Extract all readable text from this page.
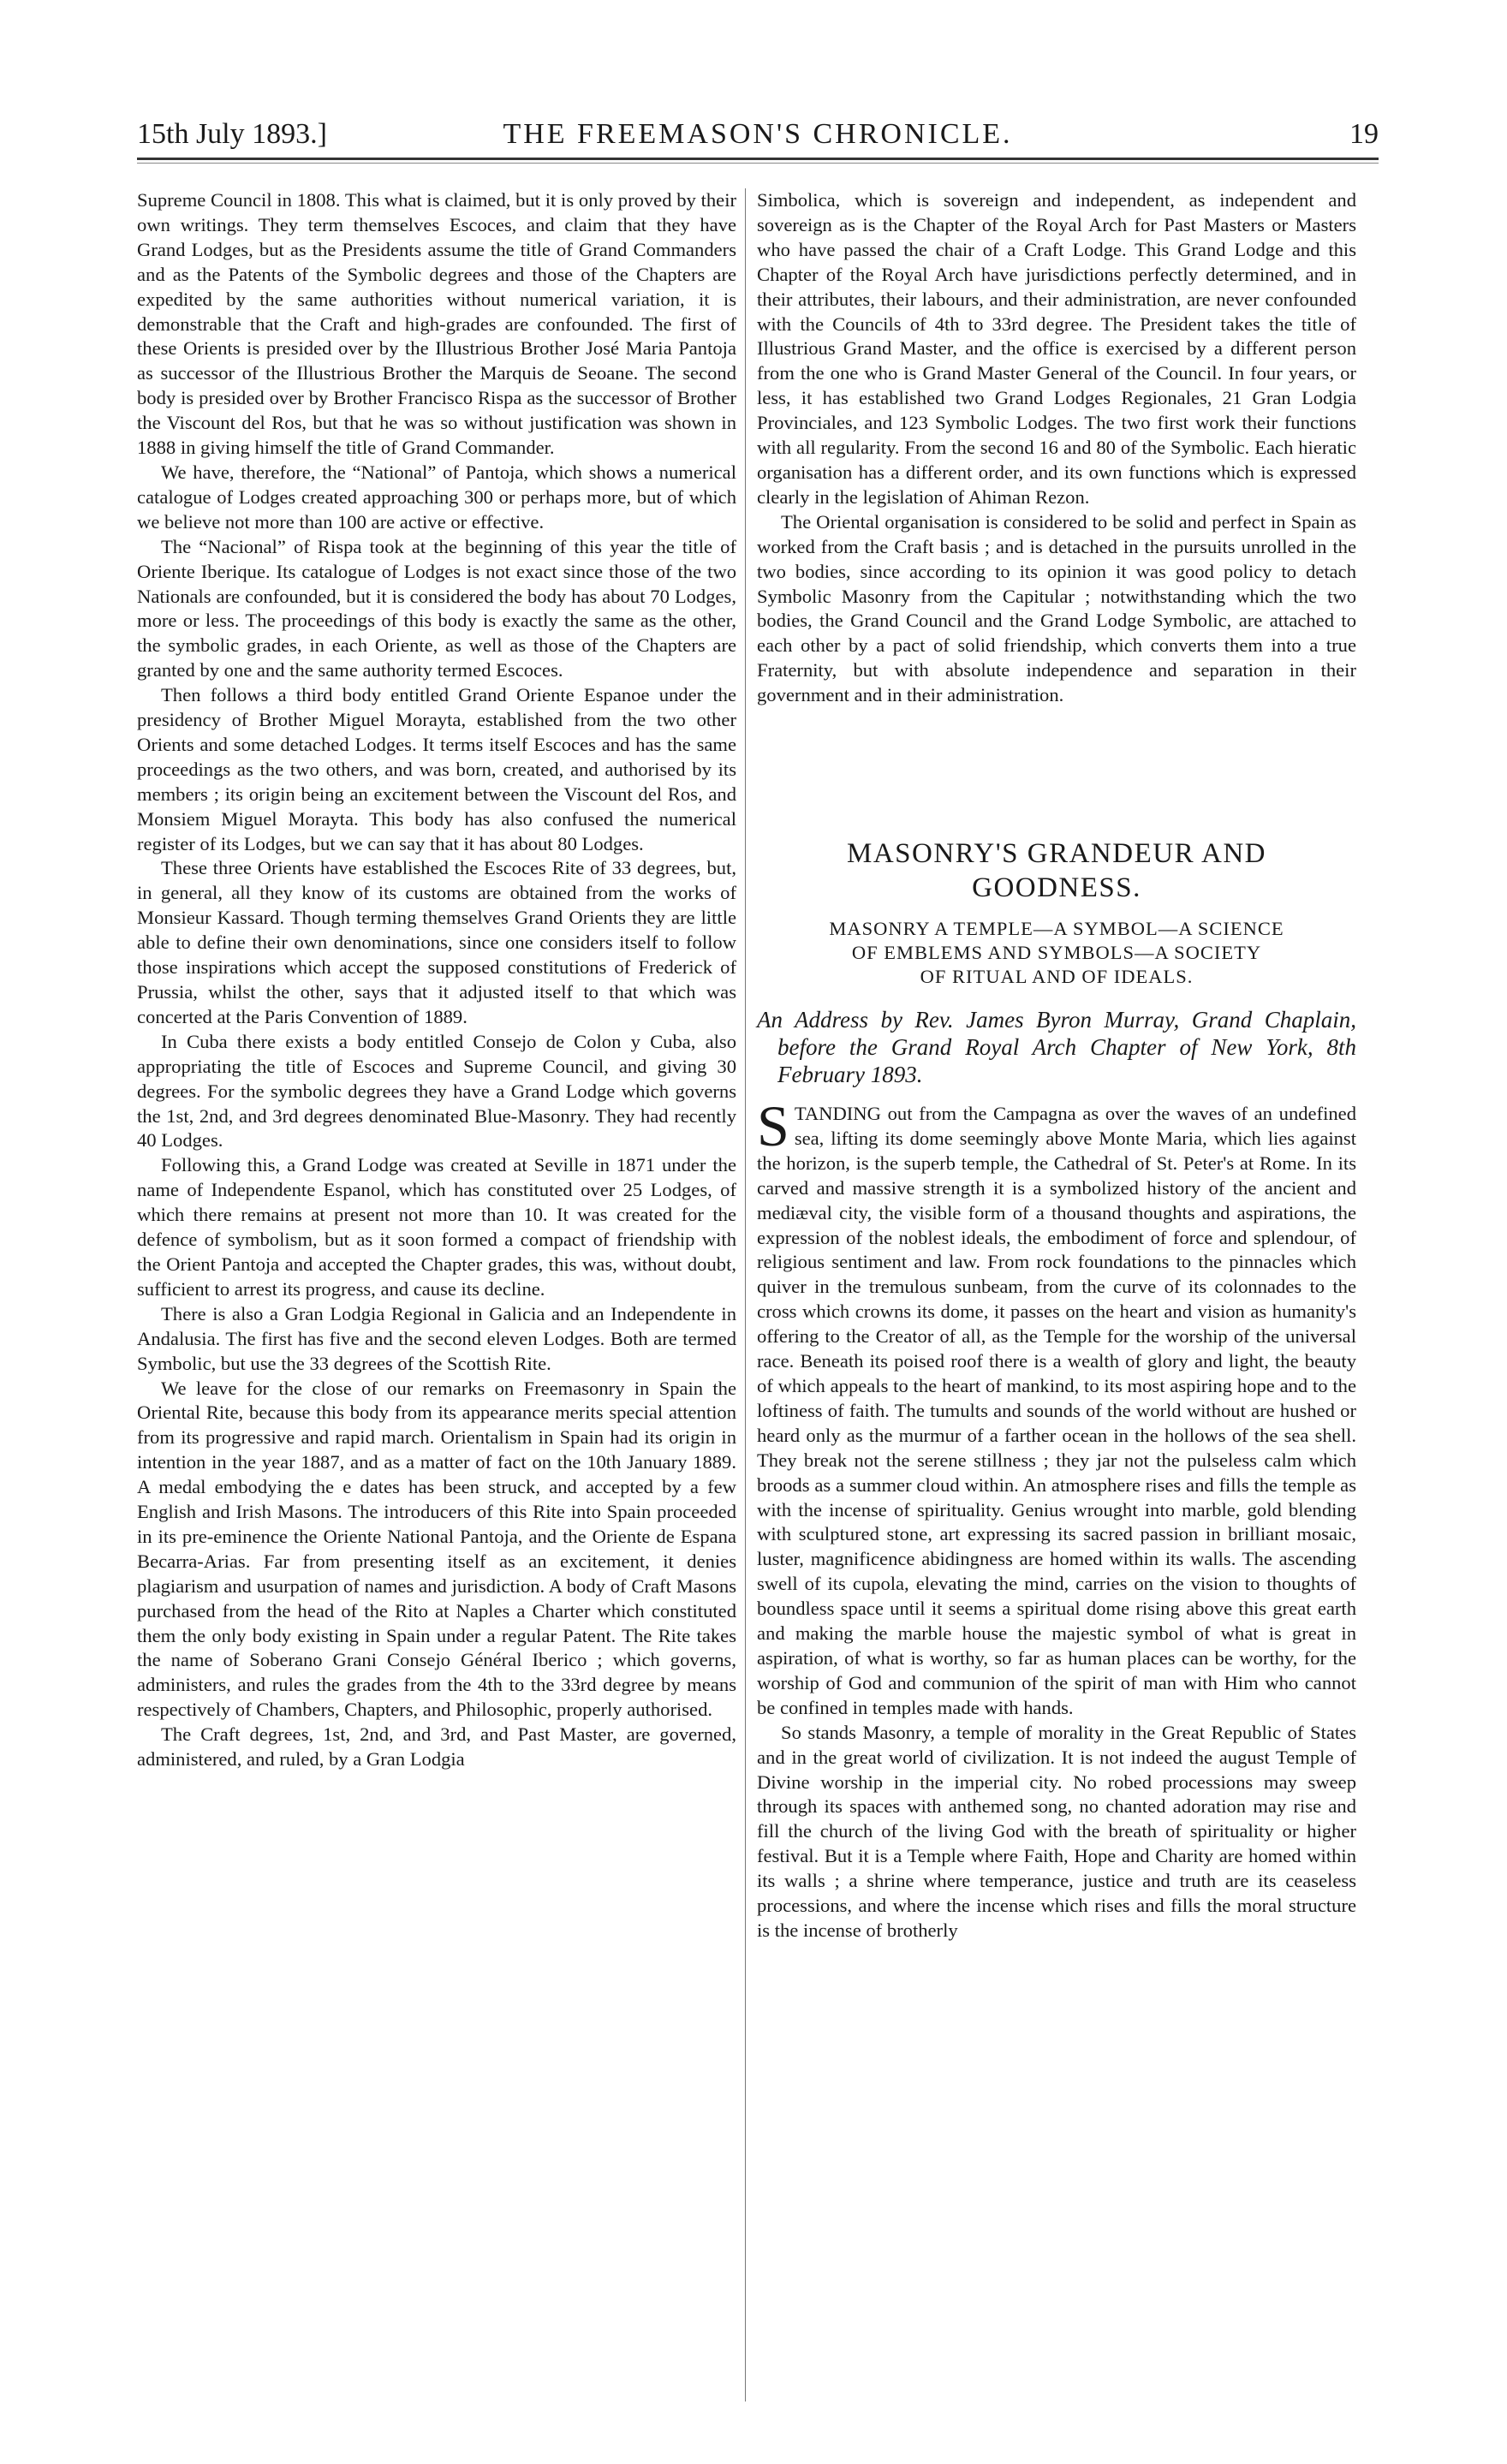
15th July 1893.]	THE FREEMASON'S CHRONICLE.	19

Supreme Council in 1808. This what is claimed, but it is only proved by their own writings. They term themselves Escoces, and claim that they have Grand Lodges, but as the Presidents assume the title of Grand Commanders and as the Patents of the Symbolic degrees and those of the Chapters are expedited by the same authorities without numerical variation, it is demonstrable that the Craft and high-grades are confounded. The first of these Orients is presided over by the Illustrious Brother José Maria Pantoja as successor of the Illustrious Brother the Marquis de Seoane. The second body is presided over by Brother Francisco Rispa as the successor of Brother the Viscount del Ros, but that he was so without justification was shown in 1888 in giving himself the title of Grand Commander.

We have, therefore, the “National” of Pantoja, which shows a numerical catalogue of Lodges created approaching 300 or perhaps more, but of which we believe not more than 100 are active or effective.

The “Nacional” of Rispa took at the beginning of this year the title of Oriente Iberique. Its catalogue of Lodges is not exact since those of the two Nationals are confounded, but it is considered the body has about 70 Lodges, more or less. The proceedings of this body is exactly the same as the other, the symbolic grades, in each Oriente, as well as those of the Chapters are granted by one and the same authority termed Escoces.

Then follows a third body entitled Grand Oriente Espanoe under the presidency of Brother Miguel Morayta, established from the two other Orients and some detached Lodges. It terms itself Escoces and has the same proceedings as the two others, and was born, created, and authorised by its members ; its origin being an excitement between the Viscount del Ros, and Monsiem Miguel Morayta. This body has also confused the numerical register of its Lodges, but we can say that it has about 80 Lodges.

These three Orients have established the Escoces Rite of 33 degrees, but, in general, all they know of its customs are obtained from the works of Monsieur Kassard. Though terming themselves Grand Orients they are little able to define their own denominations, since one considers itself to follow those inspirations which accept the supposed constitutions of Frederick of Prussia, whilst the other, says that it adjusted itself to that which was concerted at the Paris Convention of 1889.

In Cuba there exists a body entitled Consejo de Colon y Cuba, also appropriating the title of Escoces and Supreme Council, and giving 30 degrees. For the symbolic degrees they have a Grand Lodge which governs the 1st, 2nd, and 3rd degrees denominated Blue-Masonry. They had recently 40 Lodges.

Following this, a Grand Lodge was created at Seville in 1871 under the name of Independente Espanol, which has constituted over 25 Lodges, of which there remains at present not more than 10. It was created for the defence of symbolism, but as it soon formed a compact of friendship with the Orient Pantoja and accepted the Chapter grades, this was, without doubt, sufficient to arrest its progress, and cause its decline.

There is also a Gran Lodgia Regional in Galicia and an Independente in Andalusia. The first has five and the second eleven Lodges. Both are termed Symbolic, but use the 33 degrees of the Scottish Rite.

We leave for the close of our remarks on Freemasonry in Spain the Oriental Rite, because this body from its appearance merits special attention from its progressive and rapid march. Orientalism in Spain had its origin in intention in the year 1887, and as a matter of fact on the 10th January 1889. A medal embodying the e dates has been struck, and accepted by a few English and Irish Masons. The introducers of this Rite into Spain proceeded in its pre-eminence the Oriente National Pantoja, and the Oriente de Espana Becarra-Arias. Far from presenting itself as an excitement, it denies plagiarism and usurpation of names and jurisdiction. A body of Craft Masons purchased from the head of the Rito at Naples a Charter which constituted them the only body existing in Spain under a regular Patent. The Rite takes the name of Soberano Grani Consejo Général Iberico ; which governs, administers, and rules the grades from the 4th to the 33rd degree by means respectively of Chambers, Chapters, and Philosophic, properly authorised.

The Craft degrees, 1st, 2nd, and 3rd, and Past Master, are governed, administered, and ruled, by a Gran Lodgia

Simbolica, which is sovereign and independent, as independent and sovereign as is the Chapter of the Royal Arch for Past Masters or Masters who have passed the chair of a Craft Lodge. This Grand Lodge and this Chapter of the Royal Arch have jurisdictions perfectly determined, and in their attributes, their labours, and their administration, are never confounded with the Councils of 4th to 33rd degree. The President takes the title of Illustrious Grand Master, and the office is exercised by a different person from the one who is Grand Master General of the Council. In four years, or less, it has established two Grand Lodges Regionales, 21 Gran Lodgia Provinciales, and 123 Symbolic Lodges. The two first work their functions with all regularity. From the second 16 and 80 of the Symbolic. Each hieratic organisation has a different order, and its own functions which is expressed clearly in the legislation of Ahiman Rezon.

The Oriental organisation is considered to be solid and perfect in Spain as worked from the Craft basis ; and is detached in the pursuits unrolled in the two bodies, since according to its opinion it was good policy to detach Symbolic Masonry from the Capitular ; notwithstanding which the two bodies, the Grand Council and the Grand Lodge Symbolic, are attached to each other by a pact of solid friendship, which converts them into a true Fraternity, but with absolute independence and separation in their government and in their administration.

MASONRY'S GRANDEUR AND
GOODNESS.
MASONRY A TEMPLE—A SYMBOL—A SCIENCE
OF EMBLEMS AND SYMBOLS—A SOCIETY
OF RITUAL AND OF IDEALS.
An Address by Rev. James Byron Murray, Grand Chaplain, before the Grand Royal Arch Chapter of New York, 8th February 1893.

STANDING out from the Campagna as over the waves of an undefined sea, lifting its dome seemingly above Monte Maria, which lies against the horizon, is the superb temple, the Cathedral of St. Peter's at Rome. In its carved and massive strength it is a symbolized history of the ancient and mediæval city, the visible form of a thousand thoughts and aspirations, the expression of the noblest ideals, the embodiment of force and splendour, of religious sentiment and law. From rock foundations to the pinnacles which quiver in the tremulous sunbeam, from the curve of its colonnades to the cross which crowns its dome, it passes on the heart and vision as humanity's offering to the Creator of all, as the Temple for the worship of the universal race. Beneath its poised roof there is a wealth of glory and light, the beauty of which appeals to the heart of mankind, to its most aspiring hope and to the loftiness of faith. The tumults and sounds of the world without are hushed or heard only as the murmur of a farther ocean in the hollows of the sea shell. They break not the serene stillness ; they jar not the pulseless calm which broods as a summer cloud within. An atmosphere rises and fills the temple as with the incense of spirituality. Genius wrought into marble, gold blending with sculptured stone, art expressing its sacred passion in brilliant mosaic, luster, magnificence abidingness are homed within its walls. The ascending swell of its cupola, elevating the mind, carries on the vision to thoughts of boundless space until it seems a spiritual dome rising above this great earth and making the marble house the majestic symbol of what is great in aspiration, of what is worthy, so far as human places can be worthy, for the worship of God and communion of the spirit of man with Him who cannot be confined in temples made with hands.

So stands Masonry, a temple of morality in the Great Republic of States and in the great world of civilization. It is not indeed the august Temple of Divine worship in the imperial city. No robed processions may sweep through its spaces with anthemed song, no chanted adoration may rise and fill the church of the living God with the breath of spirituality or higher festival. But it is a Temple where Faith, Hope and Charity are homed within its walls ; a shrine where temperance, justice and truth are its ceaseless processions, and where the incense which rises and fills the moral structure is the incense of brotherly
